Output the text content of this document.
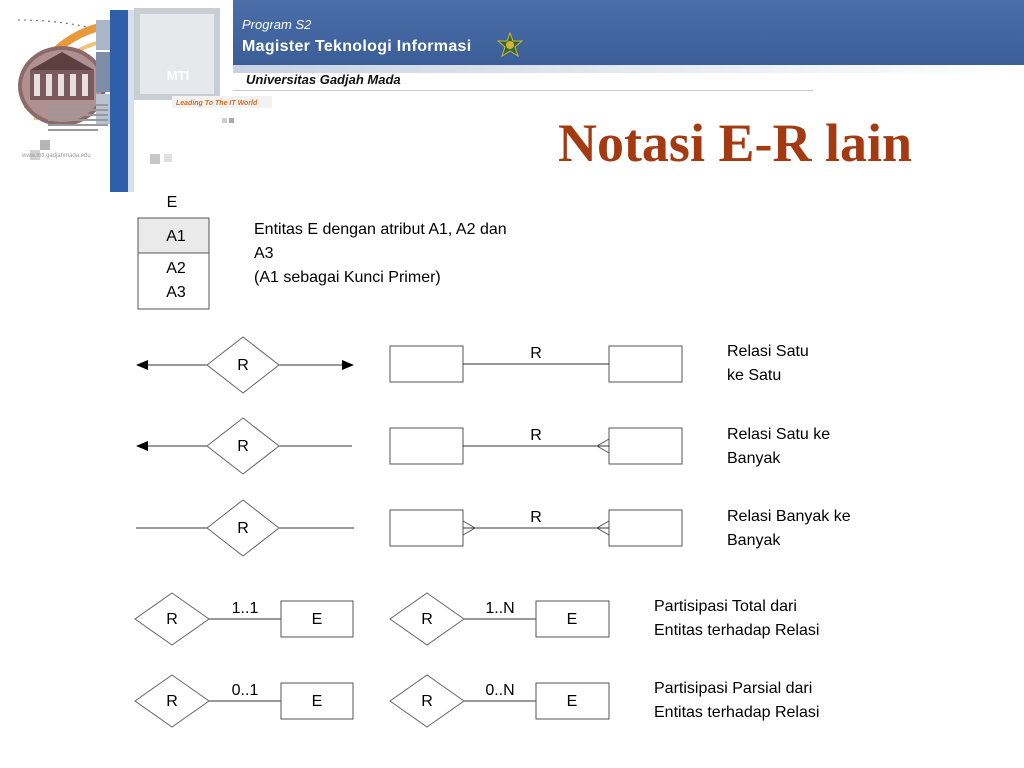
Program S2
Magister Teknologi Informasi
Universitas Gadjah Mada
MTI
Leading To The IT World
www.mti.gadjahmada.edu	Notasi E-R lain
E
A1
A2
A3
R
R
R
R
R
R
R
1..1
E	R
1..N
E
R
0..1
E	R
0..N
E
Entitas E dengan atribut A1, A2 dan
A3
(A1 sebagai Kunci Primer)
Relasi Satu
ke Satu
Relasi Satu ke
Banyak
Relasi Banyak ke
Banyak
Partisipasi Total dari
Entitas terhadap Relasi
Partisipasi Parsial dari
Entitas terhadap Relasi
